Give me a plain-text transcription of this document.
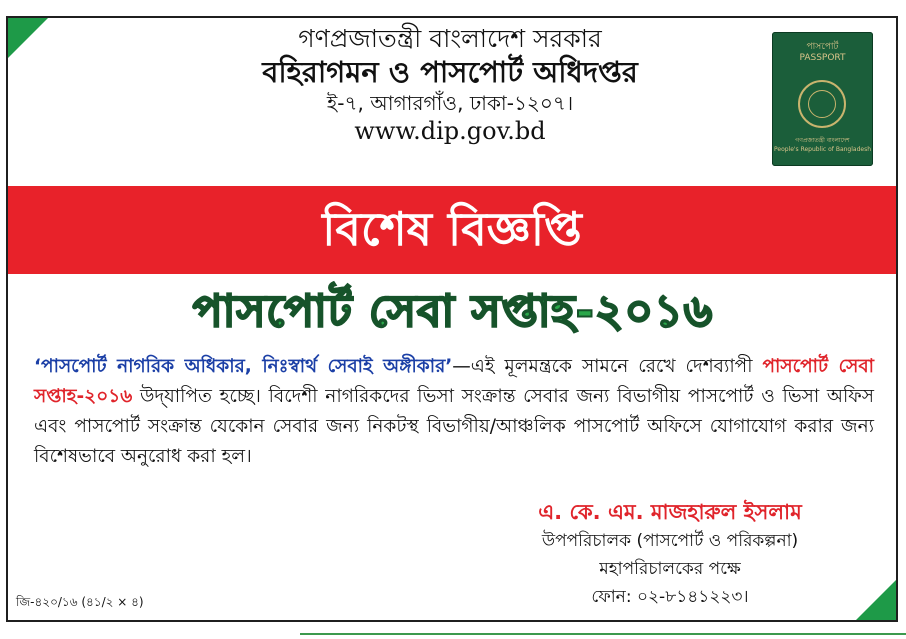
গণপ্রজাতন্ত্রী বাংলাদেশ সরকার
বহিরাগমন ও পাসপোর্ট অধিদপ্তর
ই-৭, আগারগাঁও, ঢাকা-১২০৭।
www.dip.gov.bd
পাসপোর্ট
PASSPORT
গণপ্রজাতন্ত্রী বাংলাদেশ
People's Republic of Bangladesh
বিশেষ বিজ্ঞপ্তি
পাসপোর্ট সেবা সপ্তাহ-২০১৬
‘পাসপোর্ট নাগরিক অধিকার, নিঃস্বার্থ সেবাই অঙ্গীকার’—এই মূলমন্ত্রকে সামনে রেখে দেশব্যাপী পাসপোর্ট সেবা সপ্তাহ-২০১৬ উদ্‌যাপিত হচ্ছে। বিদেশী নাগরিকদের ভিসা সংক্রান্ত সেবার জন্য বিভাগীয় পাসপোর্ট ও ভিসা অফিস এবং পাসপোর্ট সংক্রান্ত যেকোন সেবার জন্য নিকটস্থ বিভাগীয়/আঞ্চলিক পাসপোর্ট অফিসে যোগাযোগ করার জন্য বিশেষভাবে অনুরোধ করা হল।
এ. কে. এম. মাজহারুল ইসলাম
উপপরিচালক (পাসপোর্ট ও পরিকল্পনা)
মহাপরিচালকের পক্ষে
ফোন: ০২-৮১৪১২২৩।
জি-৪২০/১৬ (৪১/২ × ৪)
